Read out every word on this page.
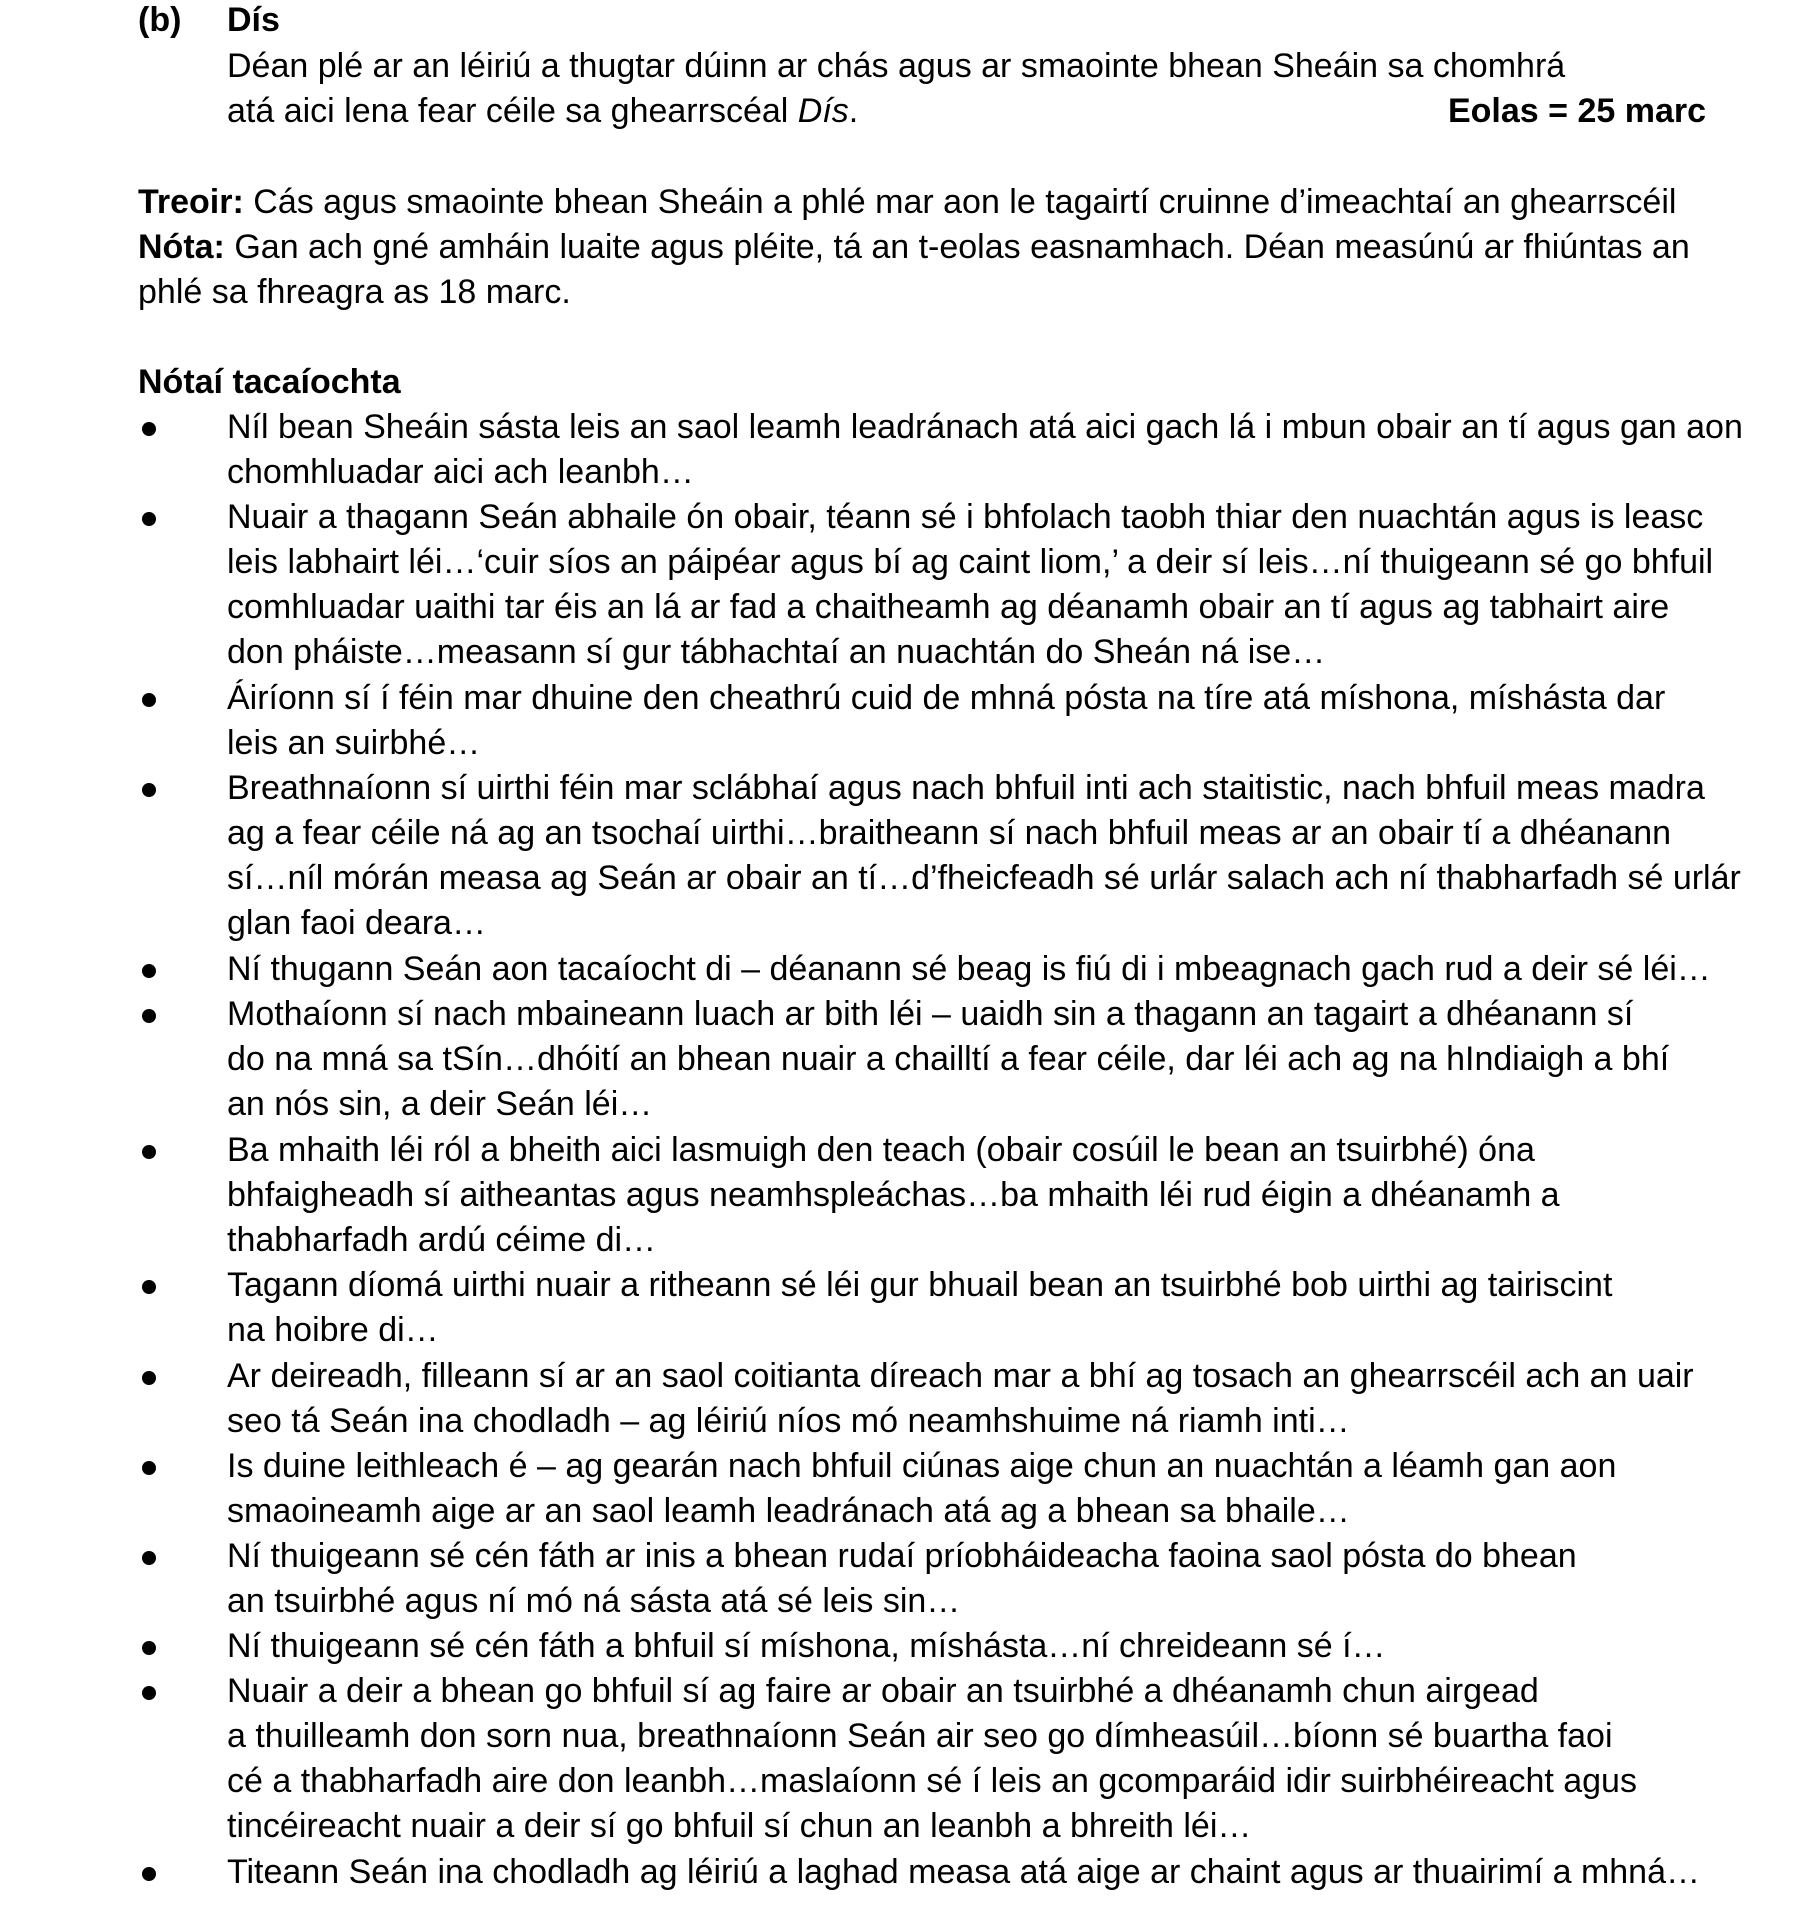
(b) Dís
Déan plé ar an léiriú a thugtar dúinn ar chás agus ar smaointe bhean Sheáin sa chomhrá
atá aici lena fear céile sa ghearrscéal Dís.	Eolas = 25 marc
Treoir: Cás agus smaointe bhean Sheáin a phlé mar aon le tagairtí cruinne d’imeachtaí an ghearrscéil
Nóta: Gan ach gné amháin luaite agus pléite, tá an t-eolas easnamhach. Déan measúnú ar fhiúntas an
phlé sa fhreagra as 18 marc.
Nótaí tacaíochta
Níl bean Sheáin sásta leis an saol leamh leadránach atá aici gach lá i mbun obair an tí agus gan aon
chomhluadar aici ach leanbh…
Nuair a thagann Seán abhaile ón obair, téann sé i bhfolach taobh thiar den nuachtán agus is leasc
leis labhairt léi…‘cuir síos an páipéar agus bí ag caint liom,’ a deir sí leis…ní thuigeann sé go bhfuil
comhluadar uaithi tar éis an lá ar fad a chaitheamh ag déanamh obair an tí agus ag tabhairt aire
don pháiste…measann sí gur tábhachtaí an nuachtán do Sheán ná ise…
Áiríonn sí í féin mar dhuine den cheathrú cuid de mhná pósta na tíre atá míshona, míshásta dar
leis an suirbhé…
Breathnaíonn sí uirthi féin mar sclábhaí agus nach bhfuil inti ach staitistic, nach bhfuil meas madra
ag a fear céile ná ag an tsochaí uirthi…braitheann sí nach bhfuil meas ar an obair tí a dhéanann
sí…níl mórán measa ag Seán ar obair an tí…d’fheicfeadh sé urlár salach ach ní thabharfadh sé urlár
glan faoi deara…
Ní thugann Seán aon tacaíocht di – déanann sé beag is fiú di i mbeagnach gach rud a deir sé léi…
Mothaíonn sí nach mbaineann luach ar bith léi – uaidh sin a thagann an tagairt a dhéanann sí
do na mná sa tSín…dhóití an bhean nuair a chailltí a fear céile, dar léi ach ag na hIndiaigh a bhí
an nós sin, a deir Seán léi…
Ba mhaith léi ról a bheith aici lasmuigh den teach (obair cosúil le bean an tsuirbhé) óna
bhfaigheadh sí aitheantas agus neamhspleáchas…ba mhaith léi rud éigin a dhéanamh a
thabharfadh ardú céime di…
Tagann díomá uirthi nuair a ritheann sé léi gur bhuail bean an tsuirbhé bob uirthi ag tairiscint
na hoibre di…
Ar deireadh, filleann sí ar an saol coitianta díreach mar a bhí ag tosach an ghearrscéil ach an uair
seo tá Seán ina chodladh – ag léiriú níos mó neamhshuime ná riamh inti…
Is duine leithleach é – ag gearán nach bhfuil ciúnas aige chun an nuachtán a léamh gan aon
smaoineamh aige ar an saol leamh leadránach atá ag a bhean sa bhaile…
Ní thuigeann sé cén fáth ar inis a bhean rudaí príobháideacha faoina saol pósta do bhean
an tsuirbhé agus ní mó ná sásta atá sé leis sin…
Ní thuigeann sé cén fáth a bhfuil sí míshona, míshásta…ní chreideann sé í…
Nuair a deir a bhean go bhfuil sí ag faire ar obair an tsuirbhé a dhéanamh chun airgead
a thuilleamh don sorn nua, breathnaíonn Seán air seo go dímheasúil…bíonn sé buartha faoi
cé a thabharfadh aire don leanbh…maslaíonn sé í leis an gcomparáid idir suirbhéireacht agus
tincéireacht nuair a deir sí go bhfuil sí chun an leanbh a bhreith léi…
Titeann Seán ina chodladh ag léiriú a laghad measa atá aige ar chaint agus ar thuairimí a mhná…
